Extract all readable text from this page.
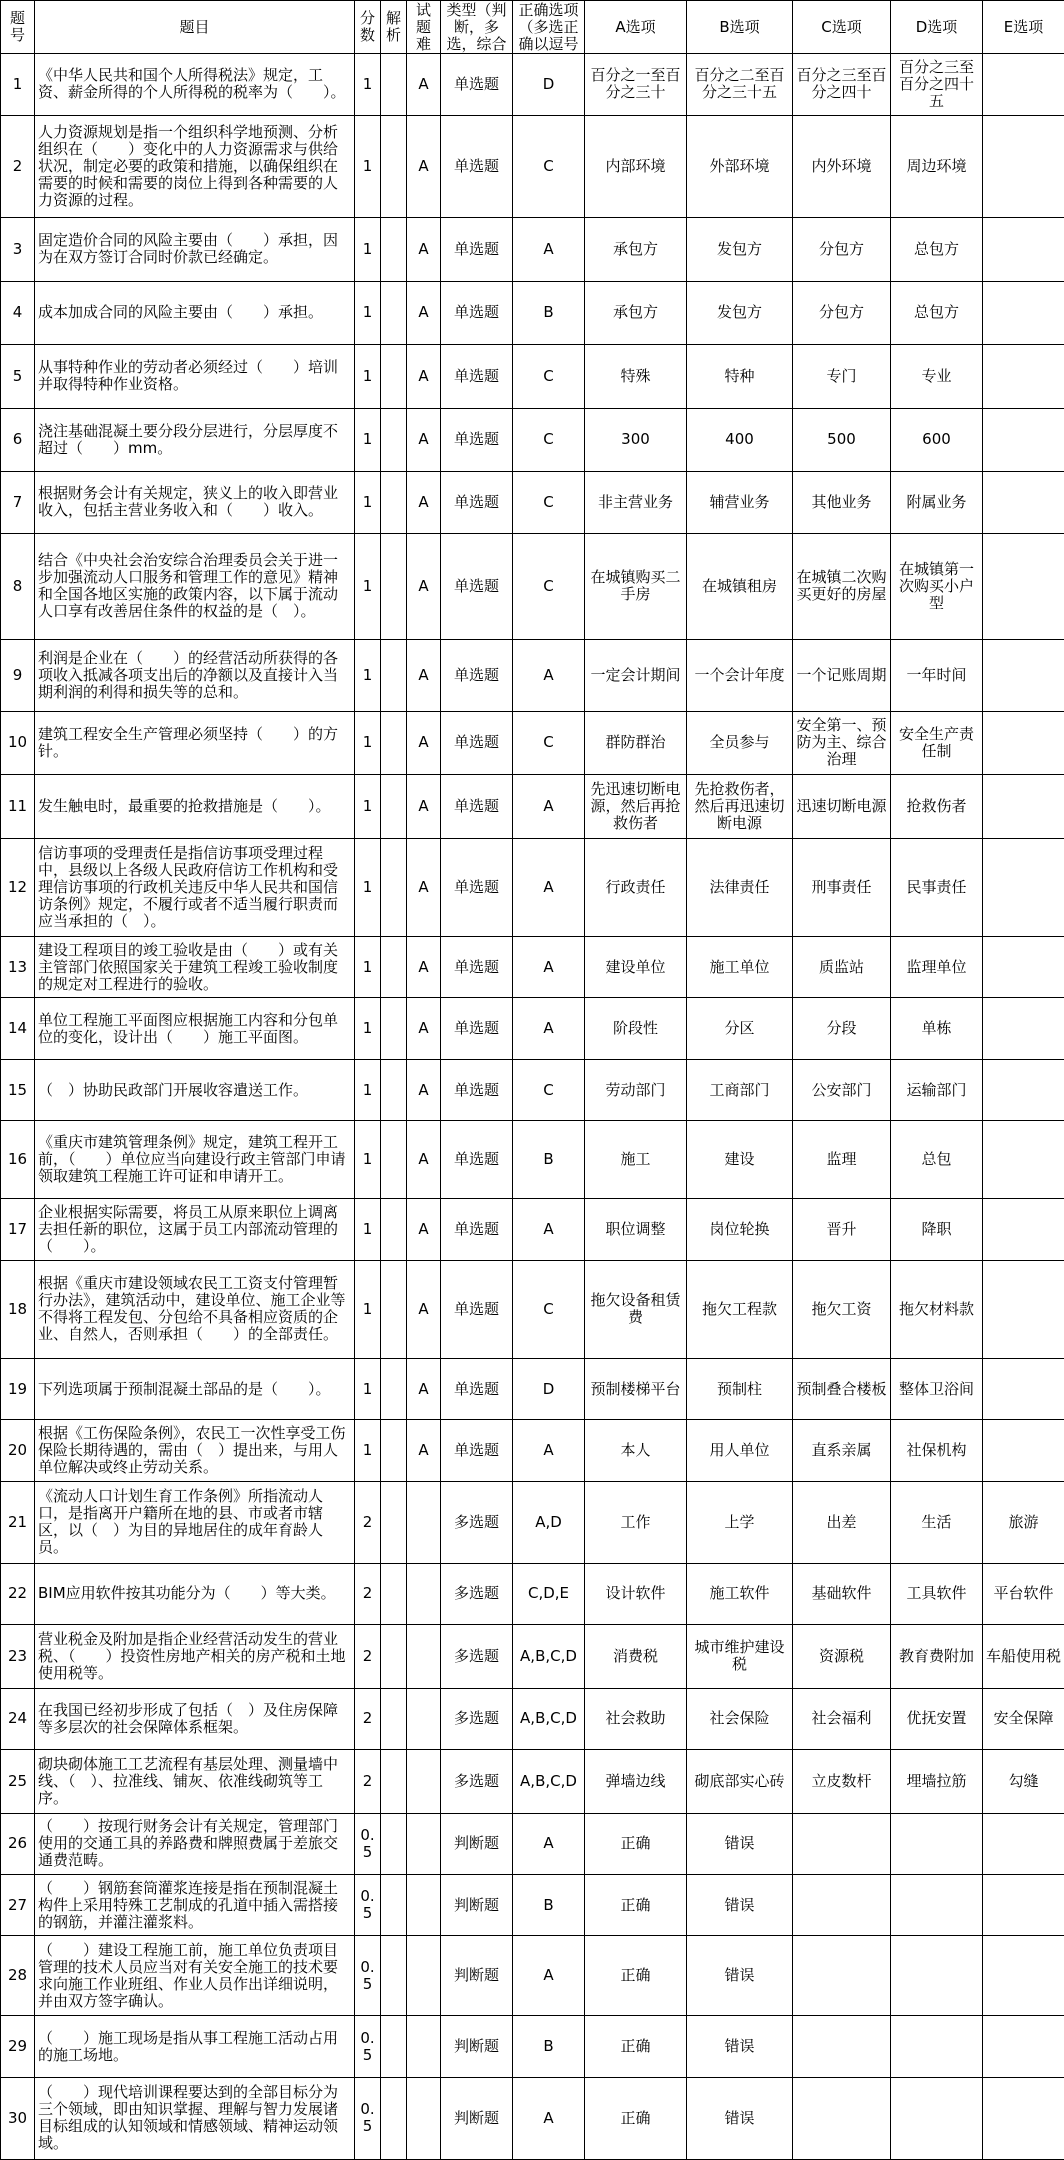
题号	题目	分数	解析	试题难	类型（判断，多选，综合	正确选项（多选正确以逗号	A选项	B选项	C选项	D选项	E选项
1	《中华人民共和国个人所得税法》规定，工资、薪金所得的个人所得税的税率为（　　）。	1		A	单选题	D	百分之一至百分之三十	百分之二至百分之三十五	百分之三至百分之四十	百分之三至百分之四十五	
2	人力资源规划是指一个组织科学地预测、分析组织在（　　）变化中的人力资源需求与供给状况，制定必要的政策和措施，以确保组织在需要的时候和需要的岗位上得到各种需要的人力资源的过程。	1		A	单选题	C	内部环境	外部环境	内外环境	周边环境	
3	固定造价合同的风险主要由（　　）承担，因为在双方签订合同时价款已经确定。	1		A	单选题	A	承包方	发包方	分包方	总包方	
4	成本加成合同的风险主要由（　　）承担。	1		A	单选题	B	承包方	发包方	分包方	总包方	
5	从事特种作业的劳动者必须经过（　　）培训并取得特种作业资格。	1		A	单选题	C	特殊	特种	专门	专业	
6	浇注基础混凝土要分段分层进行，分层厚度不超过（　　）mm。	1		A	单选题	C	300	400	500	600	
7	根据财务会计有关规定，狭义上的收入即营业收入，包括主营业务收入和（　　）收入。	1		A	单选题	C	非主营业务	辅营业务	其他业务	附属业务	
8	结合《中央社会治安综合治理委员会关于进一步加强流动人口服务和管理工作的意见》精神和全国各地区实施的政策内容，以下属于流动人口享有改善居住条件的权益的是（　）。	1		A	单选题	C	在城镇购买二手房	在城镇租房	在城镇二次购买更好的房屋	在城镇第一次购买小户型	
9	利润是企业在（　　）的经营活动所获得的各项收入抵减各项支出后的净额以及直接计入当期利润的利得和损失等的总和。	1		A	单选题	A	一定会计期间	一个会计年度	一个记账周期	一年时间	
10	建筑工程安全生产管理必须坚持（　　）的方针。	1		A	单选题	C	群防群治	全员参与	安全第一、预防为主、综合治理	安全生产责任制	
11	发生触电时，最重要的抢救措施是（　　）。	1		A	单选题	A	先迅速切断电源，然后再抢救伤者	先抢救伤者，然后再迅速切断电源	迅速切断电源	抢救伤者	
12	信访事项的受理责任是指信访事项受理过程中，县级以上各级人民政府信访工作机构和受理信访事项的行政机关违反中华人民共和国信访条例》规定，不履行或者不适当履行职责而应当承担的（　）。	1		A	单选题	A	行政责任	法律责任	刑事责任	民事责任	
13	建设工程项目的竣工验收是由（　　）或有关主管部门依照国家关于建筑工程竣工验收制度的规定对工程进行的验收。	1		A	单选题	A	建设单位	施工单位	质监站	监理单位	
14	单位工程施工平面图应根据施工内容和分包单位的变化，设计出（　　）施工平面图。	1		A	单选题	A	阶段性	分区	分段	单栋	
15	（　）协助民政部门开展收容遣送工作。	1		A	单选题	C	劳动部门	工商部门	公安部门	运输部门	
16	《重庆市建筑管理条例》规定，建筑工程开工前，（　　）单位应当向建设行政主管部门申请领取建筑工程施工许可证和申请开工。	1		A	单选题	B	施工	建设	监理	总包	
17	企业根据实际需要，将员工从原来职位上调离去担任新的职位，这属于员工内部流动管理的（　　）。	1		A	单选题	A	职位调整	岗位轮换	晋升	降职	
18	根据《重庆市建设领域农民工工资支付管理暂行办法》，建筑活动中，建设单位、施工企业等不得将工程发包、分包给不具备相应资质的企业、自然人，否则承担（　　）的全部责任。	1		A	单选题	C	拖欠设备租赁费	拖欠工程款	拖欠工资	拖欠材料款	
19	下列选项属于预制混凝土部品的是（　　）。	1		A	单选题	D	预制楼梯平台	预制柱	预制叠合楼板	整体卫浴间	
20	根据《工伤保险条例》，农民工一次性享受工伤保险长期待遇的，需由（　）提出来，与用人单位解决或终止劳动关系。	1		A	单选题	A	本人	用人单位	直系亲属	社保机构	
21	《流动人口计划生育工作条例》所指流动人口，是指离开户籍所在地的县、市或者市辖区，以（　）为目的异地居住的成年育龄人员。	2			多选题	A,D	工作	上学	出差	生活	旅游
22	BIM应用软件按其功能分为（　　）等大类。	2			多选题	C,D,E	设计软件	施工软件	基础软件	工具软件	平台软件
23	营业税金及附加是指企业经营活动发生的营业税、（　　）投资性房地产相关的房产税和土地使用税等。	2			多选题	A,B,C,D	消费税	城市维护建设税	资源税	教育费附加	车船使用税
24	在我国已经初步形成了包括（　）及住房保障等多层次的社会保障体系框架。	2			多选题	A,B,C,D	社会救助	社会保险	社会福利	优抚安置	安全保障
25	砌块砌体施工工艺流程有基层处理、测量墙中线、（　）、拉准线、铺灰、依准线砌筑等工序。	2			多选题	A,B,C,D	弹墙边线	砌底部实心砖	立皮数杆	埋墙拉筋	勾缝
26	（　　）按现行财务会计有关规定，管理部门使用的交通工具的养路费和牌照费属于差旅交通费范畴。	0.5			判断题	A	正确	错误			
27	（　　）钢筋套筒灌浆连接是指在预制混凝土构件上采用特殊工艺制成的孔道中插入需搭接的钢筋，并灌注灌浆料。	0.5			判断题	B	正确	错误			
28	（　　）建设工程施工前，施工单位负责项目管理的技术人员应当对有关安全施工的技术要求向施工作业班组、作业人员作出详细说明，并由双方签字确认。	0.5			判断题	A	正确	错误			
29	（　　）施工现场是指从事工程施工活动占用的施工场地。	0.5			判断题	B	正确	错误			
30	（　　）现代培训课程要达到的全部目标分为三个领域，即由知识掌握、理解与智力发展诸目标组成的认知领域和情感领域、精神运动领域。	0.5			判断题	A	正确	错误			
